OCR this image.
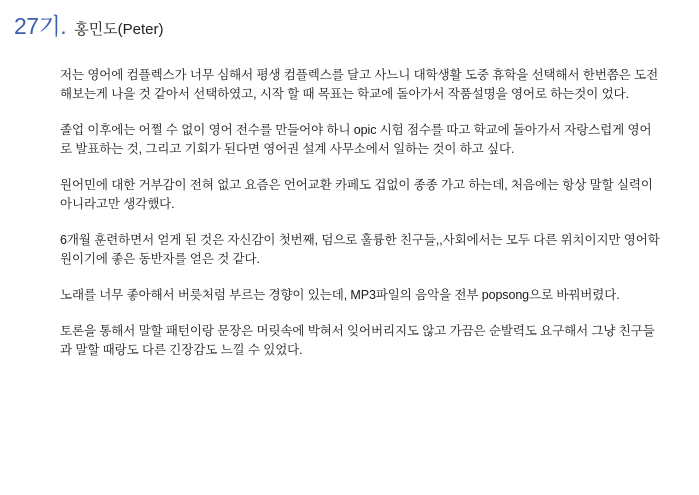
27기. 홍민도(Peter)

저는 영어에 컴플렉스가 너무 심해서 평생 컴플렉스를 달고 사느니 대학생활 도중 휴학을 선택해서 한번쯤은 도전해보는게 나을 것 같아서 선택하였고, 시작 할 때 목표는 학교에 돌아가서 작품설명을 영어로 하는것이 었다.

졸업 이후에는 어쩔 수 없이 영어 전수를 만들어야 하니 opic 시험 점수를 따고 학교에 돌아가서 자랑스럽게 영어로 발표하는 것, 그리고 기회가 된다면 영어권 설계 사무소에서 일하는 것이 하고 싶다.

원어민에 대한 거부감이 전혀 없고 요즘은 언어교환 카페도 겁없이 종종 가고 하는데, 처음에는 항상 말할 실력이 아니라고만 생각했다.

6개월 훈련하면서 얻게 된 것은 자신감이 첫번째, 덤으로 훌륭한 친구들,,사회에서는 모두 다른 위치이지만 영어학원이기에 좋은 동반자를 얻은 것 같다.

노래를 너무 좋아해서 버릇처럼 부르는 경향이 있는데, MP3파일의 음악을 전부 popsong으로 바꿔버렸다.

토론을 통해서 말할 패턴이랑 문장은 머릿속에 박혀서 잊어버리지도 않고 가끔은 순발력도 요구해서 그냥 친구들과 말할 때랑도 다른 긴장감도 느낄 수 있었다.
